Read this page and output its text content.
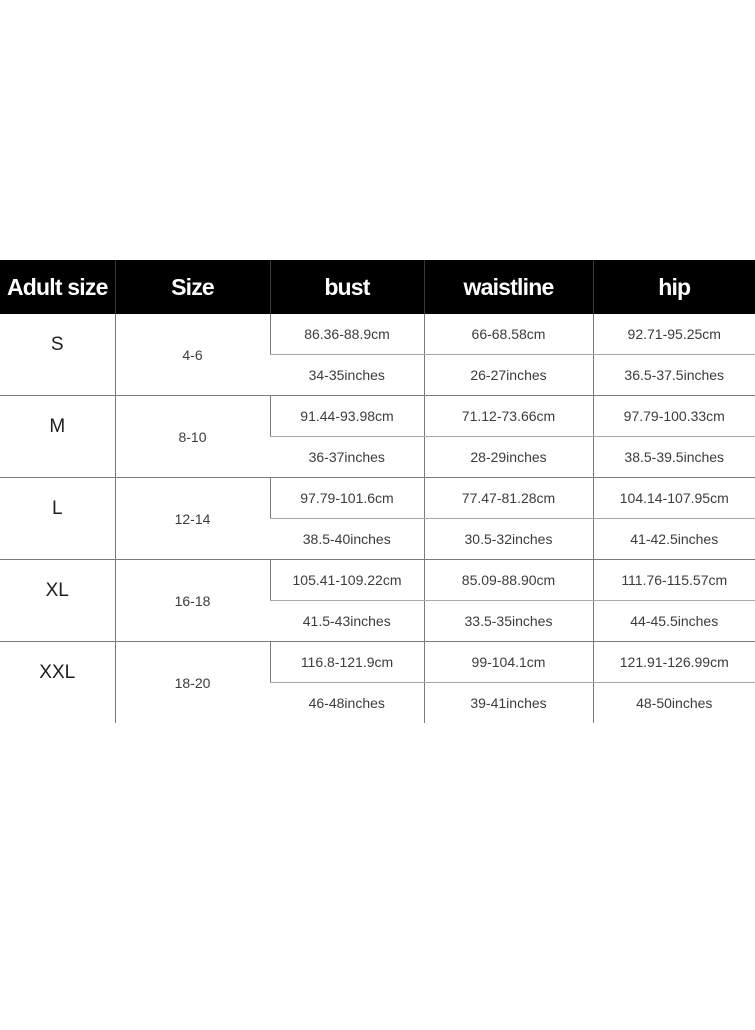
Adult size	Size	bust	waistline	hip
S	4-6	86.36-88.9cm	66-68.58cm	92.71-95.25cm
		34-35inches	26-27inches	36.5-37.5inches
M	8-10	91.44-93.98cm	71.12-73.66cm	97.79-100.33cm
		36-37inches	28-29inches	38.5-39.5inches
L	12-14	97.79-101.6cm	77.47-81.28cm	104.14-107.95cm
		38.5-40inches	30.5-32inches	41-42.5inches
XL	16-18	105.41-109.22cm	85.09-88.90cm	111.76-115.57cm
		41.5-43inches	33.5-35inches	44-45.5inches
XXL	18-20	116.8-121.9cm	99-104.1cm	121.91-126.99cm
		46-48inches	39-41inches	48-50inches
